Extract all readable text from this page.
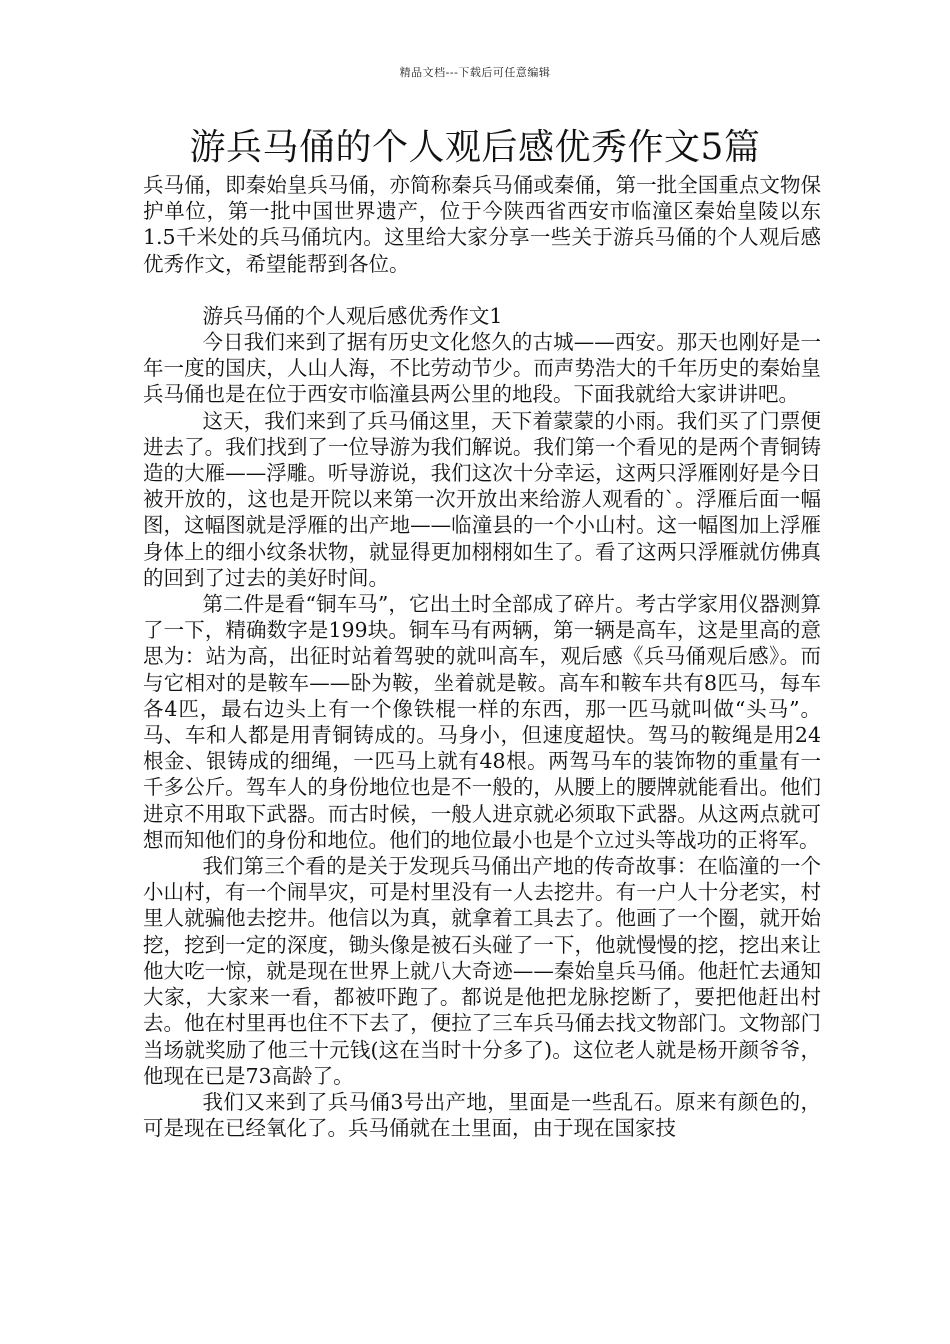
精品文档---下载后可任意编辑
游兵马俑的个人观后感优秀作文5篇

兵马俑，即秦始皇兵马俑，亦简称秦兵马俑或秦俑，第一批全国重点文物保护单位，第一批中国世界遗产，位于今陕西省西安市临潼区秦始皇陵以东1.5千米处的兵马俑坑内。这里给大家分享一些关于游兵马俑的个人观后感优秀作文，希望能帮到各位。

游兵马俑的个人观后感优秀作文1

今日我们来到了据有历史文化悠久的古城——西安。那天也刚好是一年一度的国庆，人山人海，不比劳动节少。而声势浩大的千年历史的秦始皇兵马俑也是在位于西安市临潼县两公里的地段。下面我就给大家讲讲吧。

这天，我们来到了兵马俑这里，天下着蒙蒙的小雨。我们买了门票便进去了。我们找到了一位导游为我们解说。我们第一个看见的是两个青铜铸造的大雁——浮雕。听导游说，我们这次十分幸运，这两只浮雁刚好是今日被开放的，这也是开院以来第一次开放出来给游人观看的`。浮雁后面一幅图，这幅图就是浮雁的出产地——临潼县的一个小山村。这一幅图加上浮雁身体上的细小纹条状物，就显得更加栩栩如生了。看了这两只浮雁就仿佛真的回到了过去的美好时间。

第二件是看“铜车马”，它出土时全部成了碎片。考古学家用仪器测算了一下，精确数字是199块。铜车马有两辆，第一辆是高车，这是里高的意思为：站为高，出征时站着驾驶的就叫高车，观后感《兵马俑观后感》。而与它相对的是鞍车——卧为鞍，坐着就是鞍。高车和鞍车共有8匹马，每车各4匹，最右边头上有一个像铁棍一样的东西，那一匹马就叫做“头马”。马、车和人都是用青铜铸成的。马身小，但速度超快。驾马的鞍绳是用24根金、银铸成的细绳，一匹马上就有48根。两驾马车的装饰物的重量有一千多公斤。驾车人的身份地位也是不一般的，从腰上的腰牌就能看出。他们进京不用取下武器。而古时候，一般人进京就必须取下武器。从这两点就可想而知他们的身份和地位。他们的地位最小也是个立过头等战功的正将军。

我们第三个看的是关于发现兵马俑出产地的传奇故事：在临潼的一个小山村，有一个闹旱灾，可是村里没有一人去挖井。有一户人十分老实，村里人就骗他去挖井。他信以为真，就拿着工具去了。他画了一个圈，就开始挖，挖到一定的深度，锄头像是被石头碰了一下，他就慢慢的挖，挖出来让他大吃一惊，就是现在世界上就八大奇迹——秦始皇兵马俑。他赶忙去通知大家，大家来一看，都被吓跑了。都说是他把龙脉挖断了，要把他赶出村去。他在村里再也住不下去了，便拉了三车兵马俑去找文物部门。文物部门当场就奖励了他三十元钱(这在当时十分多了)。这位老人就是杨开颜爷爷，他现在已是73高龄了。

我们又来到了兵马俑3号出产地，里面是一些乱石。原来有颜色的，可是现在已经氧化了。兵马俑就在土里面，由于现在国家技
